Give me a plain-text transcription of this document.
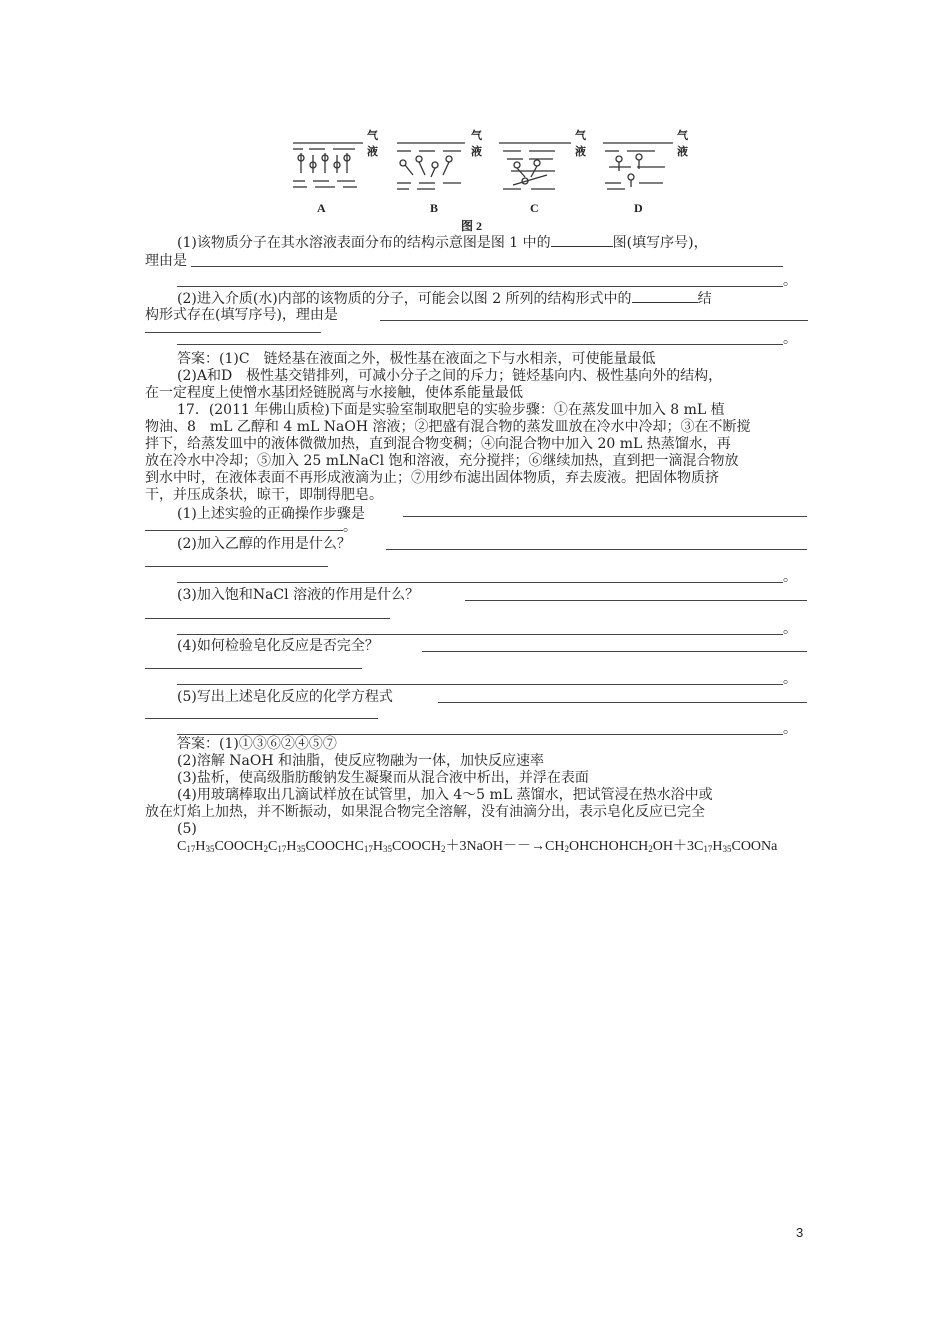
气
液
气
液
气
液
气
液
A	B	C	D
图 2
(1)该物质分子在其水溶液表面分布的结构示意图是图 1 中的	图(填写序号)，
理由是
。
(2)进入介质(水)内部的该物质的分子，可能会以图 2 所列的结构形式中的	结
构形式存在(填写序号)，理由是
。
答案：(1)C　链烃基在液面之外，极性基在液面之下与水相亲，可使能量最低
(2)A和D　极性基交错排列，可减小分子之间的斥力；链烃基向内、极性基向外的结构，
在一定程度上使憎水基团烃链脱离与水接触，使体系能量最低
17．(2011 年佛山质检)下面是实验室制取肥皂的实验步骤：①在蒸发皿中加入 8 mL 植
物油、8　mL 乙醇和 4 mL NaOH 溶液；②把盛有混合物的蒸发皿放在冷水中冷却；③在不断搅
拌下，给蒸发皿中的液体微微加热，直到混合物变稠；④向混合物中加入 20 mL 热蒸馏水，再
放在冷水中冷却；⑤加入 25 mLNaCl 饱和溶液，充分搅拌；⑥继续加热，直到把一滴混合物放
到水中时，在液体表面不再形成液滴为止；⑦用纱布滤出固体物质，弃去废液。把固体物质挤
干，并压成条状，晾干，即制得肥皂。
(1)上述实验的正确操作步骤是
。
(2)加入乙醇的作用是什么？
。
(3)加入饱和NaCl 溶液的作用是什么？
。
(4)如何检验皂化反应是否完全？
。
(5)写出上述皂化反应的化学方程式
。
答案：(1)①③⑥②④⑤⑦
(2)溶解 NaOH 和油脂，使反应物融为一体，加快反应速率
(3)盐析，使高级脂肪酸钠发生凝聚而从混合液中析出，并浮在表面
(4)用玻璃棒取出几滴试样放在试管里，加入 4～5 mL 蒸馏水，把试管浸在热水浴中或
放在灯焰上加热，并不断振动，如果混合物完全溶解，没有油滴分出，表示皂化反应已完全
(5)
$C_{17}H_{35}COOCH_2C_{17}H_{35}COOCHC_{17}H_{35}COOCH_2+3NaOH--\to CH_2OHCHOHCH_2OH+3C_{17}H_{35}COONa$
3
